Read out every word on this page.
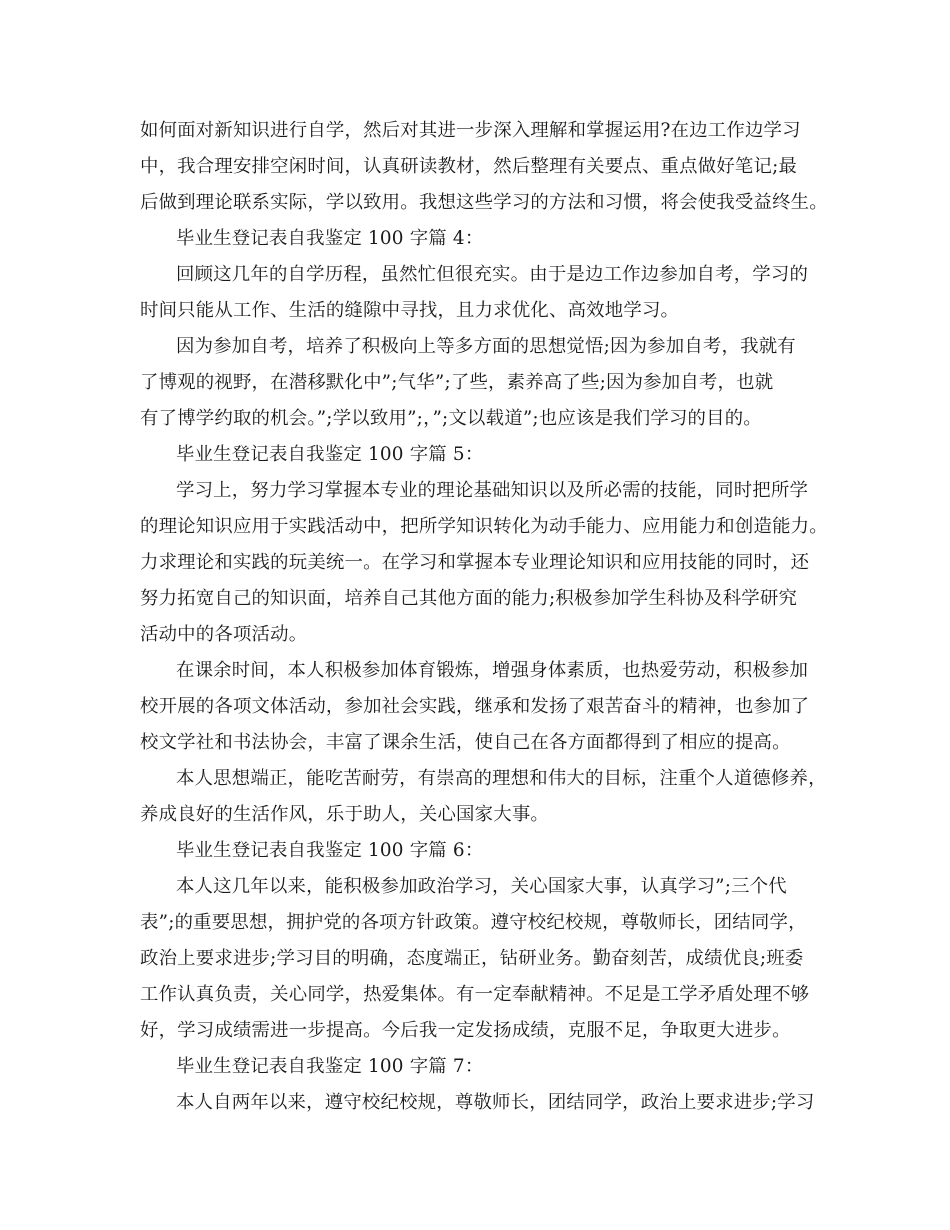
如何面对新知识进行自学，然后对其进一步深入理解和掌握运用?在边工作边学习

中，我合理安排空闲时间，认真研读教材，然后整理有关要点、重点做好笔记;最

后做到理论联系实际，学以致用。我想这些学习的方法和习惯，将会使我受益终生。

毕业生登记表自我鉴定 100 字篇 4：

回顾这几年的自学历程，虽然忙但很充实。由于是边工作边参加自考，学习的

时间只能从工作、生活的缝隙中寻找，且力求优化、高效地学习。

因为参加自考，培养了积极向上等多方面的思想觉悟;因为参加自考，我就有

了博观的视野，在潜移默化中”;气华”;了些，素养高了些;因为参加自考，也就

有了博学约取的机会。”;学以致用”;，”;文以载道”;也应该是我们学习的目的。

毕业生登记表自我鉴定 100 字篇 5：

学习上，努力学习掌握本专业的理论基础知识以及所必需的技能，同时把所学

的理论知识应用于实践活动中，把所学知识转化为动手能力、应用能力和创造能力。

力求理论和实践的玩美统一。在学习和掌握本专业理论知识和应用技能的同时，还

努力拓宽自己的知识面，培养自己其他方面的能力;积极参加学生科协及科学研究

活动中的各项活动。

在课余时间，本人积极参加体育锻炼，增强身体素质，也热爱劳动，积极参加

校开展的各项文体活动，参加社会实践，继承和发扬了艰苦奋斗的精神，也参加了

校文学社和书法协会，丰富了课余生活，使自己在各方面都得到了相应的提高。

本人思想端正，能吃苦耐劳，有崇高的理想和伟大的目标，注重个人道德修养，

养成良好的生活作风，乐于助人，关心国家大事。

毕业生登记表自我鉴定 100 字篇 6：

本人这几年以来，能积极参加政治学习，关心国家大事，认真学习”;三个代

表”;的重要思想，拥护党的各项方针政策。遵守校纪校规，尊敬师长，团结同学，

政治上要求进步;学习目的明确，态度端正，钻研业务。勤奋刻苦，成绩优良;班委

工作认真负责，关心同学，热爱集体。有一定奉献精神。不足是工学矛盾处理不够

好，学习成绩需进一步提高。今后我一定发扬成绩，克服不足，争取更大进步。

毕业生登记表自我鉴定 100 字篇 7：

本人自两年以来，遵守校纪校规，尊敬师长，团结同学，政治上要求进步;学习
